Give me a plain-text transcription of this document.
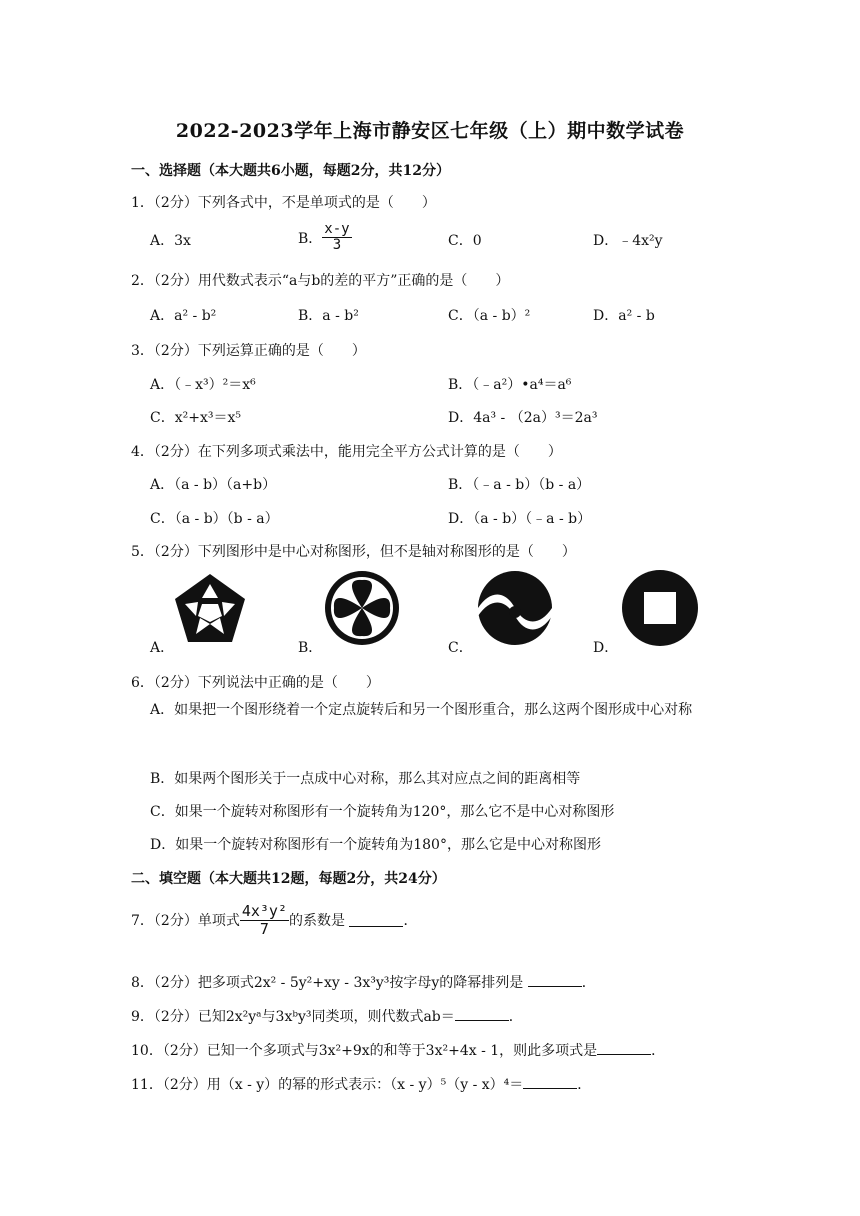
2022-2023学年上海市静安区七年级（上）期中数学试卷
一、选择题（本大题共6小题，每题2分，共12分）
1．（2分）下列各式中，不是单项式的是（　　）
A．3x	B． $\frac{x-y}{3}$	C．0	D．﹣4x²y
2．（2分）用代数式表示“a与b的差的平方”正确的是（　　）
A．a² - b²	B．a - b²	C．（a - b）²	D．a² - b
3．（2分）下列运算正确的是（　　）
A．（﹣x³）²＝x⁶	B．（﹣a²）•a⁴＝a⁶
C．x²+x³＝x⁵	D．4a³ - （2a）³＝2a³
4．（2分）在下列多项式乘法中，能用完全平方公式计算的是（　　）
A．（a - b）（a+b）	B．（﹣a - b）（b - a）
C．（a - b）（b - a）	D．（a - b）（﹣a - b）
5．（2分）下列图形中是中心对称图形，但不是轴对称图形的是（　　）
A．	B．	C．	D．
6．（2分）下列说法中正确的是（　　）
A．如果把一个图形绕着一个定点旋转后和另一个图形重合，那么这两个图形成中心对称
B．如果两个图形关于一点成中心对称，那么其对应点之间的距离相等
C．如果一个旋转对称图形有一个旋转角为120°，那么它不是中心对称图形
D．如果一个旋转对称图形有一个旋转角为180°，那么它是中心对称图形
二、填空题（本大题共12题，每题2分，共24分）
7．（2分）单项式 $\frac{\text{4x³y²}}{7}$ 的系数是	．
8．（2分）把多项式2x² - 5y²+xy - 3x³y³按字母y的降幂排列是	．
9．（2分）已知2x²yᵃ与3xᵇy³同类项，则代数式ab＝	．
10．（2分）已知一个多项式与3x²+9x的和等于3x²+4x - 1，则此多项式是	．
11．（2分）用（x - y）的幂的形式表示：（x - y）⁵（y - x）⁴＝	．
